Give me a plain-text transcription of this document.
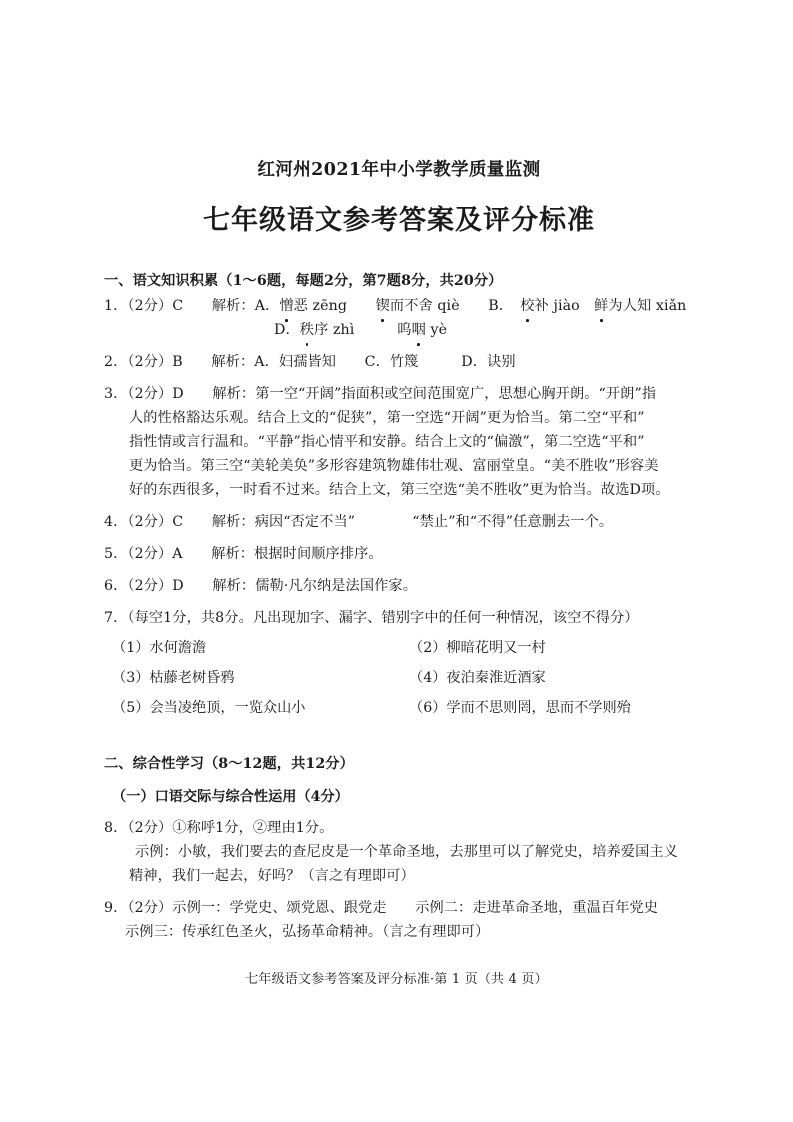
红河州2021年中小学教学质量监测
七年级语文参考答案及评分标准
一、语文知识积累（1～6题，每题2分，第7题8分，共20分）
1．（2分）C　　解析：A．憎恶 zēng　　锲而不舍 qiè　　B．　校补 jiào　鲜为人知 xiǎn
D．秩序 zhì　　　呜咽 yè
2．（2分）B　　解析：A．妇孺皆知　　C．竹篾　　　D．诀别
3．（2分）D　　解析：第一空“开阔”指面积或空间范围宽广，思想心胸开朗。“开朗”指
人的性格豁达乐观。结合上文的“促狭”，第一空选“开阔”更为恰当。第二空“平和”
指性情或言行温和。“平静”指心情平和安静。结合上文的“偏激”，第二空选“平和”
更为恰当。第三空“美轮美奂”多形容建筑物雄伟壮观、富丽堂皇。“美不胜收”形容美
好的东西很多，一时看不过来。结合上文，第三空选“美不胜收”更为恰当。故选D项。
4．（2分）C　　解析：病因“否定不当”　　　　“禁止”和“不得”任意删去一个。
5．（2分）A　　解析：根据时间顺序排序。
6．（2分）D　　解析：儒勒·凡尔纳是法国作家。
7．（每空1分，共8分。凡出现加字、漏字、错别字中的任何一种情况，该空不得分）
（1）水何澹澹	（2）柳暗花明又一村
（3）枯藤老树昏鸦	（4）夜泊秦淮近酒家
（5）会当凌绝顶，一览众山小	（6）学而不思则罔，思而不学则殆
二、综合性学习（8～12题，共12分）
（一）口语交际与综合性运用（4分）
8．（2分）①称呼1分，②理由1分。
示例：小敏，我们要去的查尼皮是一个革命圣地，去那里可以了解党史，培养爱国主义
精神，我们一起去，好吗？（言之有理即可）
9．（2分）示例一：学党史、颂党恩、跟党走　　示例二：走进革命圣地，重温百年党史
示例三：传承红色圣火，弘扬革命精神。（言之有理即可）
七年级语文参考答案及评分标准·第 1 页（共 4 页）
